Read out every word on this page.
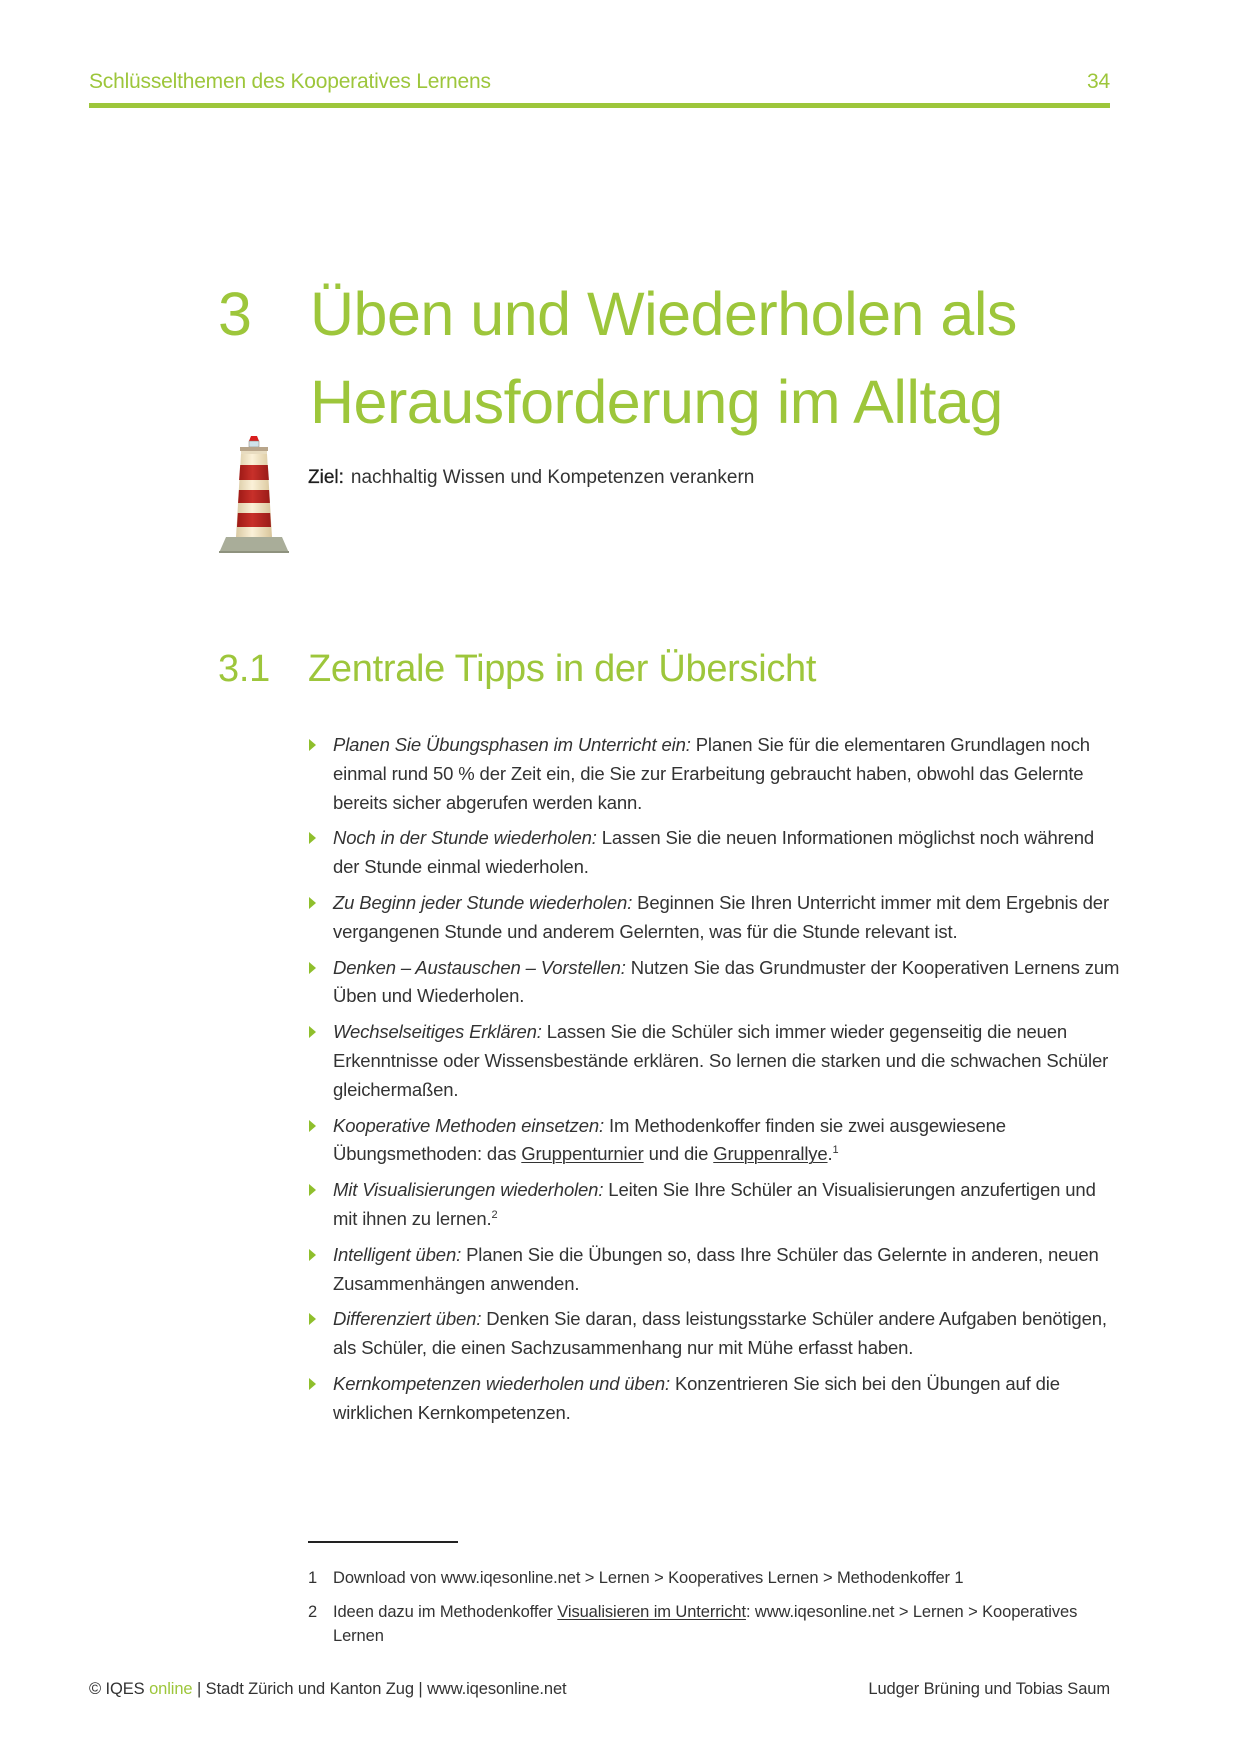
Schlüsselthemen des Kooperatives Lernens	34
3 Üben und Wiederholen als
Herausforderung im Alltag
Ziel: nachhaltig Wissen und Kompetenzen verankern
3.1 Zentrale Tipps in der Übersicht
Planen Sie Übungsphasen im Unterricht ein: Planen Sie für die elementaren Grundlagen noch einmal rund 50 % der Zeit ein, die Sie zur Erarbeitung gebraucht haben, obwohl das Gelernte bereits sicher abgerufen werden kann.
Noch in der Stunde wiederholen: Lassen Sie die neuen Informationen möglichst noch während der Stunde einmal wiederholen.
Zu Beginn jeder Stunde wiederholen: Beginnen Sie Ihren Unterricht immer mit dem Ergebnis der vergangenen Stunde und anderem Gelernten, was für die Stunde relevant ist.
Denken – Austauschen – Vorstellen: Nutzen Sie das Grundmuster der Kooperativen Lernens zum Üben und Wiederholen.
Wechselseitiges Erklären: Lassen Sie die Schüler sich immer wieder gegenseitig die neuen Erkenntnisse oder Wissensbestände erklären. So lernen die starken und die schwachen Schüler gleichermaßen.
Kooperative Methoden einsetzen: Im Methodenkoffer finden sie zwei ausgewiesene Übungsmethoden: das Gruppenturnier und die Gruppenrallye.$^1$
Mit Visualisierungen wiederholen: Leiten Sie Ihre Schüler an Visualisierungen anzufertigen und mit ihnen zu lernen.$^2$
Intelligent üben: Planen Sie die Übungen so, dass Ihre Schüler das Gelernte in anderen, neuen Zusammenhängen anwenden.
Differenziert üben: Denken Sie daran, dass leistungsstarke Schüler andere Aufgaben benötigen, als Schüler, die einen Sachzusammenhang nur mit Mühe erfasst haben.
Kernkompetenzen wiederholen und üben: Konzentrieren Sie sich bei den Übungen auf die wirklichen Kernkompetenzen.
1 Download von www.iqesonline.net > Lernen > Kooperatives Lernen > Methodenkoffer 1
2 Ideen dazu im Methodenkoffer Visualisieren im Unterricht: www.iqesonline.net > Lernen > Kooperatives Lernen
© IQES online | Stadt Zürich und Kanton Zug | www.iqesonline.net	Ludger Brüning und Tobias Saum
